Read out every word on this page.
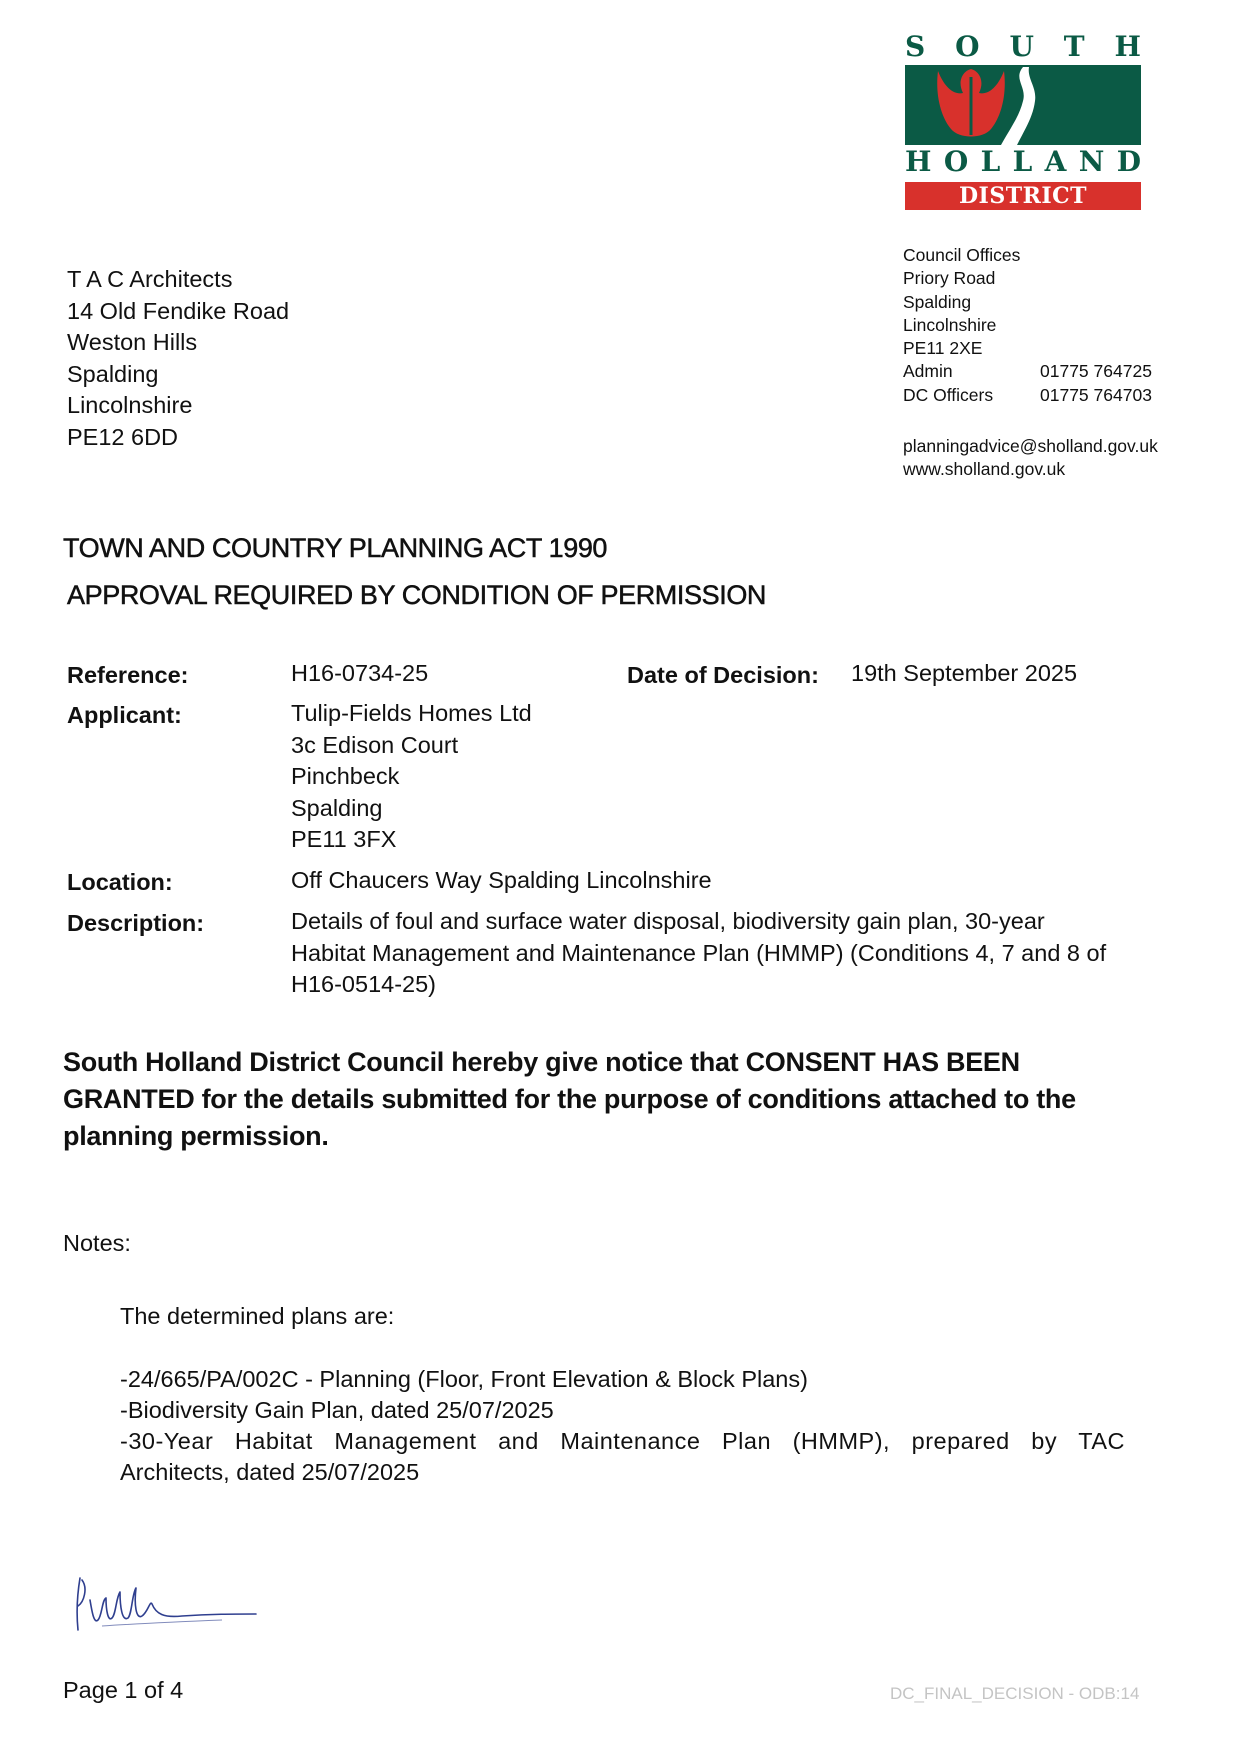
S O U T H
H O L L A N D
DISTRICT COUNCIL
T A C Architects
14 Old Fendike Road
Weston Hills
Spalding
Lincolnshire
PE12 6DD
Council Offices
Priory Road
Spalding
Lincolnshire
PE11 2XE
Admin	01775 764725
DC Officers	01775 764703
planningadvice@sholland.gov.uk
www.sholland.gov.uk
TOWN AND COUNTRY PLANNING ACT 1990
APPROVAL REQUIRED BY CONDITION OF PERMISSION
Reference:	H16-0734-25	Date of Decision: 19th September 2025
Applicant:	Tulip-Fields Homes Ltd
3c Edison Court
Pinchbeck
Spalding
PE11 3FX
Location:	Off Chaucers Way Spalding Lincolnshire
Description:	Details of foul and surface water disposal, biodiversity gain plan, 30-year
Habitat Management and Maintenance Plan (HMMP) (Conditions 4, 7 and 8 of
H16-0514-25)
South Holland District Council hereby give notice that CONSENT HAS BEEN
GRANTED for the details submitted for the purpose of conditions attached to the
planning permission.
Notes:
The determined plans are:
-24/665/PA/002C - Planning (Floor, Front Elevation & Block Plans)
-Biodiversity Gain Plan, dated 25/07/2025
-30-Year Habitat Management and Maintenance Plan (HMMP), prepared by TAC
Architects, dated 25/07/2025
Page 1 of 4	DC_FINAL_DECISION - ODB:14
